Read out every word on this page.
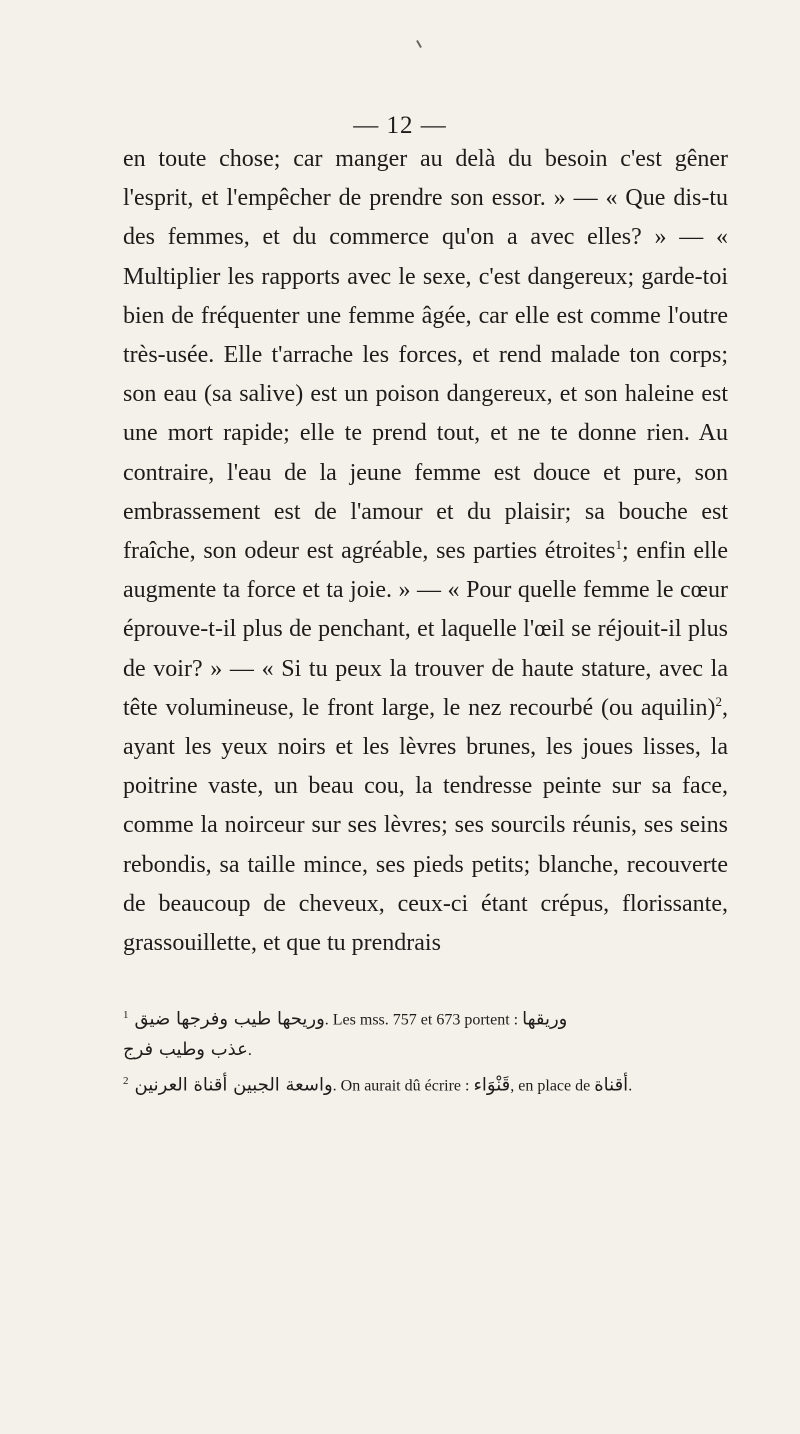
— 12 —

en toute chose; car manger au delà du besoin c'est gêner l'esprit, et l'empêcher de prendre son essor. » — « Que dis-tu des femmes, et du commerce qu'on a avec elles? » — « Multiplier les rapports avec le sexe, c'est dangereux; garde-toi bien de fréquenter une femme âgée, car elle est comme l'outre très-usée. Elle t'arrache les forces, et rend malade ton corps; son eau (sa salive) est un poison dangereux, et son haleine est une mort rapide; elle te prend tout, et ne te donne rien. Au contraire, l'eau de la jeune femme est douce et pure, son embrassement est de l'amour et du plaisir; sa bouche est fraîche, son odeur est agréable, ses parties étroites$^1$; enfin elle augmente ta force et ta joie. » — « Pour quelle femme le cœur éprouve-t-il plus de penchant, et laquelle l'œil se réjouit-il plus de voir? » — « Si tu peux la trouver de haute stature, avec la tête volumineuse, le front large, le nez recourbé (ou aquilin)$^2$, ayant les yeux noirs et les lèvres brunes, les joues lisses, la poitrine vaste, un beau cou, la tendresse peinte sur sa face, comme la noirceur sur ses lèvres; ses sourcils réunis, ses seins rebondis, sa taille mince, ses pieds petits; blanche, recouverte de beaucoup de cheveux, ceux-ci étant crépus, florissante, grassouillette, et que tu prendrais

$^1$ وريحها طيب وفرجها ضيق. Les mss. 757 et 673 portent : وريقها
عذب وطيب فرج.

$^2$ واسعة الجبين أقناة العرنين. On aurait dû écrire : قَنْوَاء, en place de أقناة.
